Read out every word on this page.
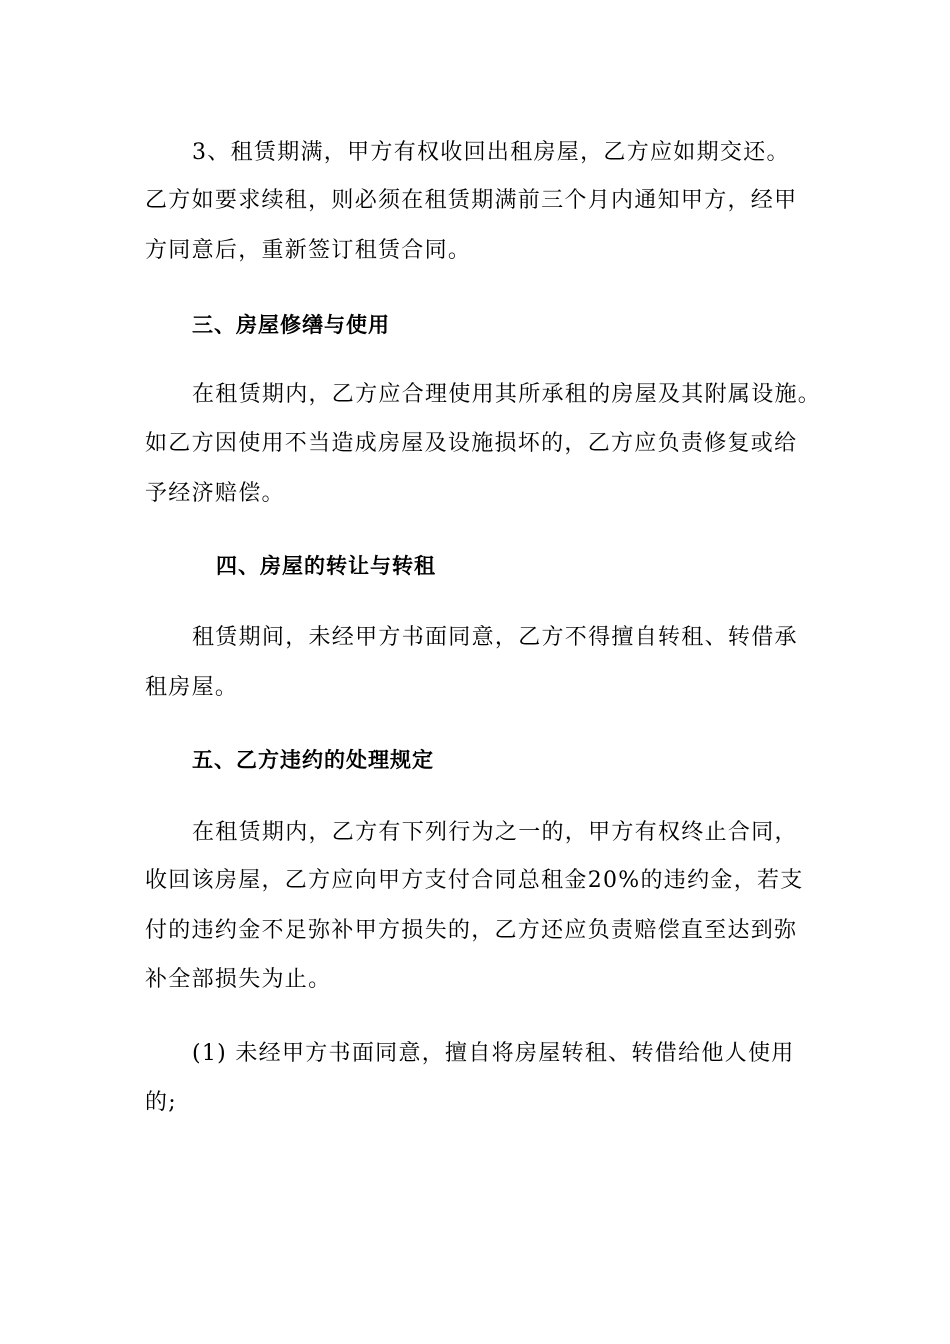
3、租赁期满，甲方有权收回出租房屋，乙方应如期交还。
乙方如要求续租，则必须在租赁期满前三个月内通知甲方，经甲
方同意后，重新签订租赁合同。
三、房屋修缮与使用
在租赁期内，乙方应合理使用其所承租的房屋及其附属设施。
如乙方因使用不当造成房屋及设施损坏的，乙方应负责修复或给
予经济赔偿。
四、房屋的转让与转租
租赁期间，未经甲方书面同意，乙方不得擅自转租、转借承
租房屋。
五、乙方违约的处理规定
在租赁期内，乙方有下列行为之一的，甲方有权终止合同，
收回该房屋，乙方应向甲方支付合同总租金20%的违约金，若支
付的违约金不足弥补甲方损失的，乙方还应负责赔偿直至达到弥
补全部损失为止。
(1) 未经甲方书面同意，擅自将房屋转租、转借给他人使用
的;
